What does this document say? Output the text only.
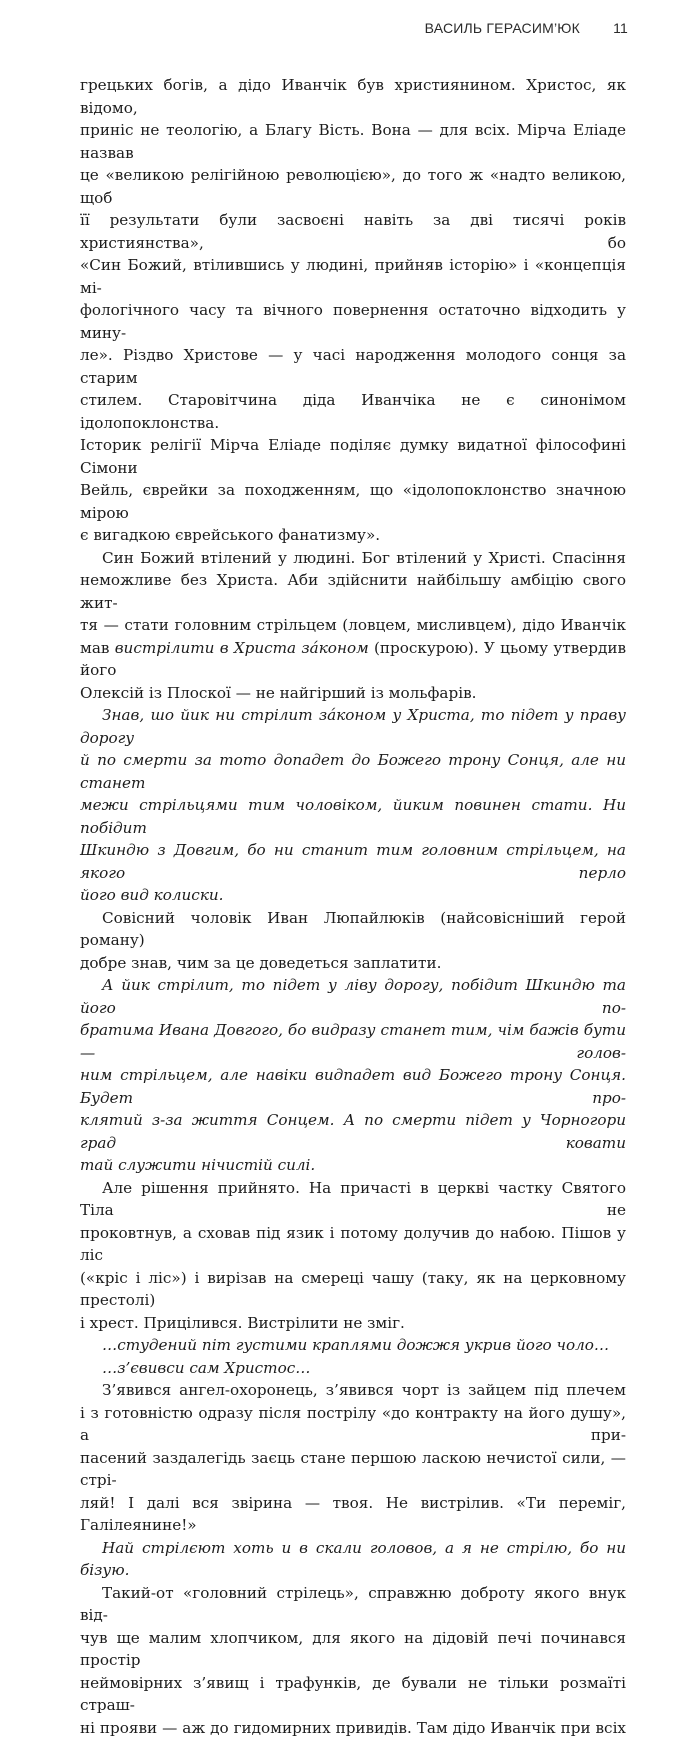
ВАСИЛЬ ГЕРАСИМ’ЮК 11

грецьких богів, а дідо Иванчік був християнином. Христос, як відомо,

приніс не теологію, а Благу Вість. Вона — для всіх. Мірча Еліаде назвав

це «великою релігійною революцією», до того ж «надто великою, щоб

її результати були засвоєні навіть за дві тисячі років християнства», бо

«Син Божий, втілившись у людині, прийняв історію» і «концепція мі-

фологічного часу та вічного повернення остаточно відходить у мину-

ле». Різдво Христове — у часі народження молодого сонця за старим

стилем. Старовітчина діда Иванчіка не є синонімом ідолопоклонства.

Історик релігії Мірча Еліаде поділяє думку видатної філософині Сімони

Вейль, єврейки за походженням, що «ідолопоклонство значною мірою

є вигадкою єврейського фанатизму».

Син Божий втілений у людині. Бог втілений у Христі. Спасіння

неможливе без Христа. Аби здійснити найбільшу амбіцію свого жит-

тя — стати головним стрільцем (ловцем, мисливцем), дідо Иванчік

мав вистрілити в Христа зáконом (проскурою). У цьому утвердив його

Олексій із Плоскої — не найгірший із мольфарів.

Знав, шо йик ни стрілит зáконом у Христа, то підет у праву дорогу

й по смерти за тото допадет до Божего трону Сонця, але ни станет

межи стрільцями тим чоловіком, йиким повинен стати. Ни побідит

Шкиндю з Довгим, бо ни станит тим головним стрільцем, на якого перло

його вид колиски.

Совісний чоловік Иван Люпайлюків (найсовісніший герой роману)

добре знав, чим за це доведеться заплатити.

А йик стрілит, то підет у ліву дорогу, побідит Шкиндю та його по-

братима Ивана Довгого, бо видразу станет тим, чім бажів бути — голов-

ним стрільцем, але навіки видпадет вид Божего трону Сонця. Будет про-

клятий з-за життя Сонцем. А по смерти підет у Чорногори град ковати

тай служити нічистій силі.

Але рішення прийнято. На причасті в церкві частку Святого Тіла не

проковтнув, а сховав під язик і потому долучив до набою. Пішов у ліс

(«кріс і ліс») і вирізав на смереці чашу (таку, як на церковному престолі)

і хрест. Прицілився. Вистрілити не зміг.

…студений піт густими краплями дожжя укрив його чоло…

…з’євивси сам Христос…

З’явився ангел-охоронець, з’явився чорт із зайцем під плечем

і з готовністю одразу після пострілу «до контракту на його душу», а при-

пасений заздалегідь заєць стане першою ласкою нечистої сили, — стрі-

ляй! І далі вся звірина — твоя. Не вистрілив. «Ти переміг, Галілеянине!»

Най стрілєют хоть и в скали головов, а я не стрілю, бо ни бізую.

Такий-от «головний стрілець», справжню доброту якого внук від-

чув ще малим хлопчиком, для якого на дідовій печі починався простір

неймовірних з’явищ і трафунків, де бували не тільки розмаїті страш-

ні прояви — аж до гидомирних привидів. Там дідо Иванчік при всіх
